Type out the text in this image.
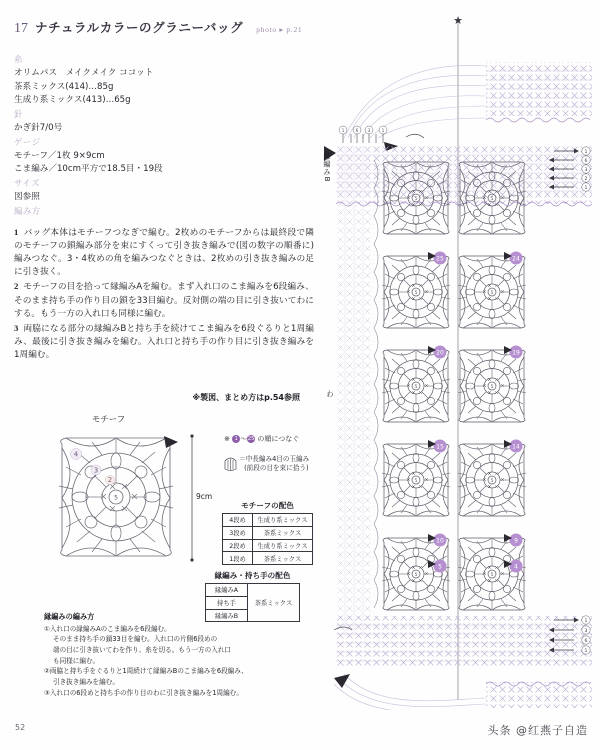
17 ナチュラルカラーのグラニーバッグ photo ▸ p.21
糸
オリムパス　メイクメイク ココット
茶系ミックス(414)…85g
生成り系ミックス(413)…65g
針
かぎ針7/0号
ゲージ
モチーフ／1枚 9×9cm
こま編み／10cm平方で18.5目・19段
サイズ
図参照
編み方

1 バッグ本体はモチーフつなぎで編む。2枚めのモチーフからは最終段で隣のモチーフの鎖編み部分を束にすくって引き抜き編みで(図の数字の順番に)編みつなぐ。3・4枚めの角を編みつなぐときは、2枚めの引き抜き編みの足に引き抜く。

2 モチーフの目を拾って縁編みAを編む。まず入れ口のこま編みを6段編み、そのまま持ち手の作り目の鎖を33目編む。反対側の端の目に引き抜いてわにする。もう一方の入れ口も同様に編む。

3 両脇になる部分の縁編みBと持ち手を続けてこま編みを6段ぐるりと1周編み、最後に引き抜き編みを編む。入れ口と持ち手の作り目に引き抜き編みを1周編む。

※製図、まとめ方はp.54参照
モチーフ
4
3
2
5	9cm
※ 1 ～25 の順につなぐ
＝中長編み4目の玉編み
(前段の目を束に拾う)
モチーフの配色
4段め	生成り系ミックス
3段め	茶系ミックス
2段め	生成り系ミックス
1段め	茶系ミックス
縁編み・持ち手の配色
縁編みA	茶系ミックス
持ち手
縁編みB
縁編みの編み方
①入れ口の縁編みAのこま編みを6段編む。
そのまま持ち手の鎖33目を編む。入れ口の片側6段めの
端の目に引き抜いてわを作り、糸を切る。もう一方の入れ口
も同様に編む。
②両脇と持ち手をぐるりと1周続けて縁編みBのこま編みを6段編み、
引き抜き編みを編む。
③入れ口の6段めと持ち手の作り目のわに引き抜き編みを1周編む。
5
★
1	6 3	1
25	24
20	19
15	14
10	9
5	4
1
6
3
2
1
1
3
6
1
縁編みB
わ
52	头条 @红燕子自造
